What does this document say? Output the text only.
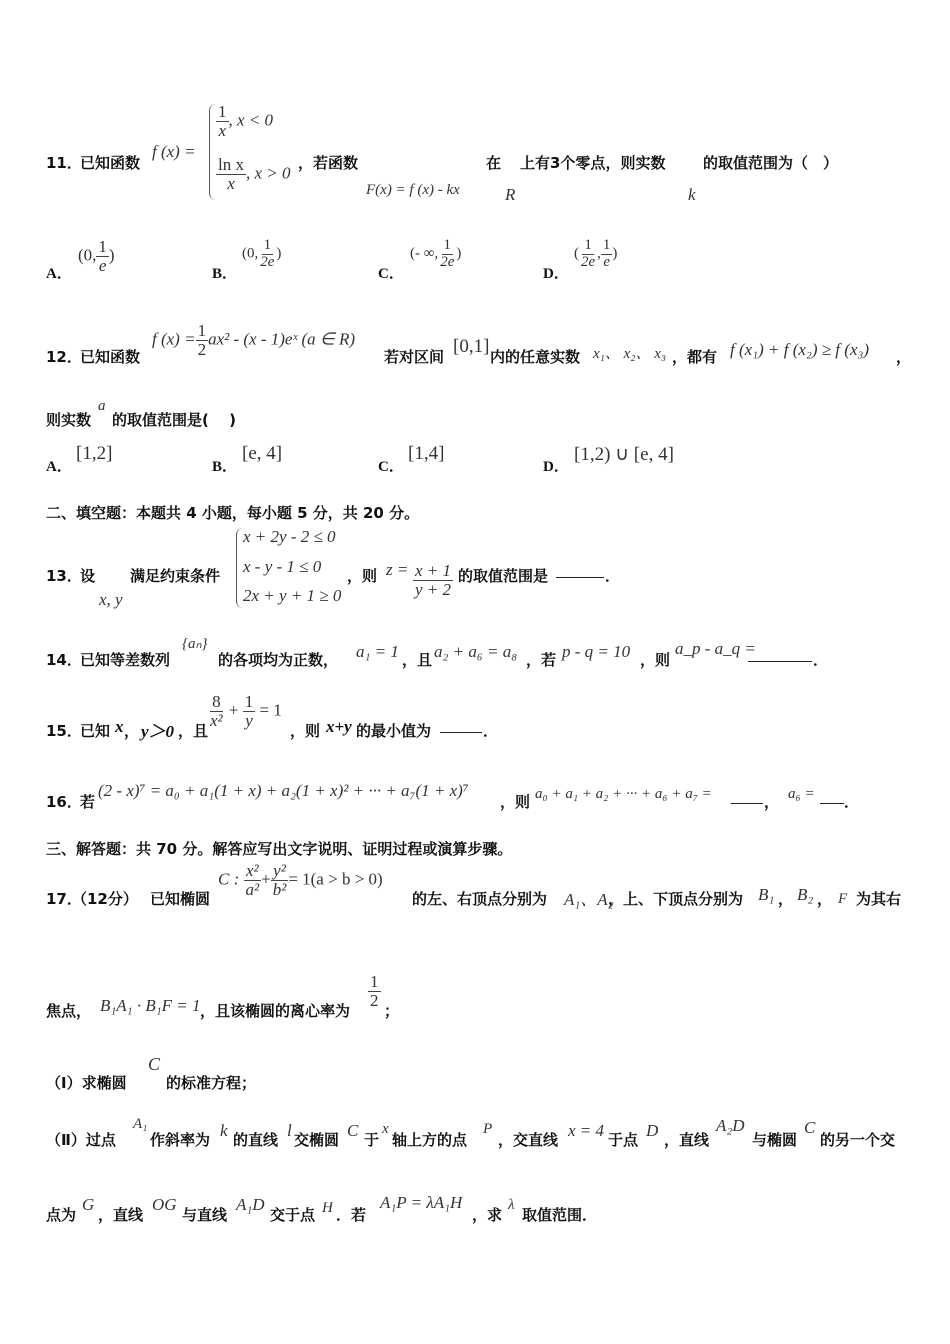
11．
已知函数
f (x) =
$\frac{1}{x}$ , x < 0
$\frac{\text{ln x}}{x}$ , x > 0
，若函数
F(x) = f (x) - kx
在
R
上有3个零点，则实数
k
的取值范围为（　）
A．
(0, $\frac{1}{e}$ )
B．
(0, $\frac{1}{2e}$ )
C．
(- ∞, $\frac{1}{2e}$ )
D．
( $\frac{1}{2e}$ , $\frac{1}{e}$ )
12．
已知函数
f $(x) = \frac{1}{2} ax^2 - (x$ - 1)eˣ (a ∈ R)
若对区间 [0,1] 内的任意实数 x₁、 x₂、 x₃ ，都有 f (x₁) + f (x₂) ≥ f (x₃) ，
则实数
a
的取值范围是(　 )
A．
[1,2]
B．
[e, 4]
C．
[1,4]
D．
[1,2) ∪ [e, 4]
二、填空题：本题共 4 小题，每小题 5 分，共 20 分。
13．
设
x, y
满足约束条件
x + 2y - 2 ≤ 0
x - y - 1 ≤ 0
2x + y + 1 ≥ 0
，则 $z = \frac{x + 1}{y + 2}$ 的取值范围是	．
14．
已知等差数列
{aₙ}
的各项均为正数， a₁ = 1 ，且 a₂ + a₆ = a₈ ，若 p - q = 10 ，则
a_p - a_q =
．
15．
已知 x ， y＞0 ，且
$\frac{8}{\text{x²}} + \frac{1}{y} = 1$
，则 x+y 的最小值为	．
16．
若
(2 - x)⁷ = a₀ + a₁(1 + x) + a₂(1 + x)² + ··· + a₇(1 + x)⁷
，则 a₀ + a₁ + a₂ + ··· + a₆ + a₇ =	， a₆ = ．
三、解答题：共 70 分。解答应写出文字说明、证明过程或演算步骤。
17．
（12分） 已知椭圆
C : $\frac{\text{x²}}{\text{a²}} + \frac{\text{y²}}{\text{b²}} = 1(a > b > 0)$
的左、右顶点分别为 A₁、A₂
，上、下顶点分别为 B₁ ， B₂ ， F 为其右
焦点， B₁A₁ · B₁F = 1 ，且该椭圆的离心率为
$\frac{1}{2}$
；
（Ⅰ）求椭圆
C
的标准方程；
（Ⅱ）过点
A₁
作斜率为 k 的直线 l 交椭圆 C 于
x
轴上方的点
P
，交直线 x = 4 于点 D ，直线
A₂D
与椭圆
C
的另一个交
点为
G
，直线
OG
与直线
A₁D
交于点 H ．若
A₁P = λA₁H
，求
λ
取值范围．
